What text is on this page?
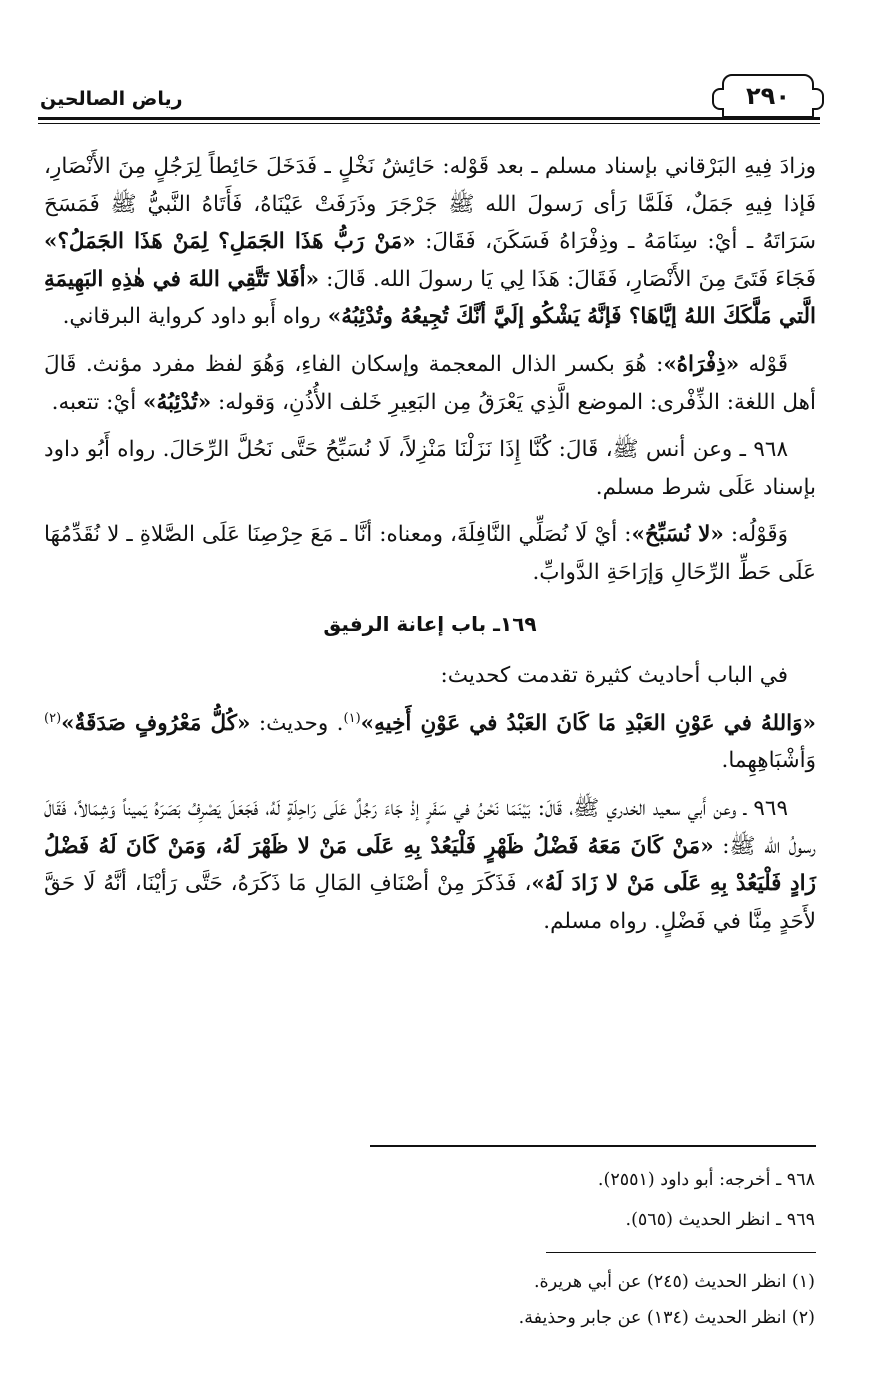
رياض الصالحين	٢٩٠

وزادَ فِيهِ البَرْقاني بإسناد مسلم ـ بعد قَوْله: حَائِشُ نَخْلٍ ـ فَدَخَلَ حَائِطاً لِرَجُلٍ مِنَ الأَنْصَارِ، فَإذا فِيهِ جَمَلٌ، فَلَمَّا رَأى رَسولَ الله ﷺ جَرْجَرَ وذَرَفَتْ عَيْنَاهُ، فَأَتَاهُ النَّبيُّ ﷺ فَمَسَحَ سَرَاتَهُ ـ أيْ: سِنَامَهُ ـ وذِفْرَاهُ فَسَكَنَ، فَقَالَ: «مَنْ رَبُّ هَذَا الجَمَلِ؟ لِمَنْ هَذَا الجَمَلُ؟» فَجَاءَ فَتَىً مِنَ الأَنْصَارِ، فَقَالَ: هَذَا لِي يَا رسولَ الله. قَالَ: «أفَلا تَتَّقِي اللهَ في هٰذِهِ البَهِيمَةِ الَّتي مَلَّكَكَ اللهُ إيَّاهَا؟ فَإنَّهُ يَشْكُو إلَيَّ أنَّكَ تُجِيعُهُ وتُدْئِبُهُ» رواه أَبو داود كرواية البرقاني.

قَوْله «ذِفْرَاهُ»: هُوَ بكسر الذال المعجمة وإسكان الفاءِ، وَهُوَ لفظ مفرد مؤنث. قَالَ أهل اللغة: الذِّفْرى: الموضع الَّذِي يَعْرَقُ مِن البَعِيرِ خَلف الأُذُنِ، وَقوله: «تُدْئِبُهُ» أيْ: تتعبه.

٩٦٨ ـ وعن أنس ﷺ، قَالَ: كُنَّا إِذَا نَزَلْنَا مَنْزِلاً، لَا نُسَبِّحُ حَتَّى نَحُلَّ الرِّحَالَ. رواه أَبُو داود بإسناد عَلَى شرط مسلم.

وَقَوْلُه: «لا نُسَبِّحُ»: أيْ لَا نُصَلِّي النَّافِلَةَ، ومعناه: أنَّا ـ مَعَ حِرْصِنَا عَلَى الصَّلاةِ ـ لا نُقَدِّمُهَا عَلَى حَطِّ الرِّحَالِ وَإرَاحَةِ الدَّوابِّ.

١٦٩ـ باب إعانة الرفيق

في الباب أحاديث كثيرة تقدمت كحديث:

«وَاللهُ في عَوْنِ العَبْدِ مَا كَانَ العَبْدُ في عَوْنِ أَخِيهِ»$^{(١)}$. وحديث: «كُلُّ مَعْرُوفٍ صَدَقَةٌ»$^{(٢)}$ وَأشْبَاهِهِما.

٩٦٩ ـ وعن أَبي سعيد الخدري ﷺ، قَالَ: بَيْنَمَا نَحْنُ في سَفَرٍ إذْ جَاءَ رَجُلٌ عَلَى رَاحِلَةٍ لَهُ، فَجَعَلَ يَصْرِفُ بَصَرَهُ يَميناً وَشِمَالاً، فَقَالَ رسولُ الله ﷺ: «مَنْ كَانَ مَعَهُ فَضْلُ ظَهْرٍ فَلْيَعُدْ بِهِ عَلَى مَنْ لا ظَهْرَ لَهُ، وَمَنْ كَانَ لَهُ فَضْلُ زَادٍ فَلْيَعُدْ بِهِ عَلَى مَنْ لا زَادَ لَهُ»، فَذَكَرَ مِنْ أصْنَافِ المَالِ مَا ذَكَرَهُ، حَتَّى رَأيْنَا، أنَّهُ لَا حَقَّ لأَحَدٍ مِنَّا في فَضْلٍ. رواه مسلم.

٩٦٨ ـ أخرجه: أبو داود (٢٥٥١).
٩٦٩ ـ انظر الحديث (٥٦٥).
(١) انظر الحديث (٢٤٥) عن أبي هريرة.
(٢) انظر الحديث (١٣٤) عن جابر وحذيفة.
